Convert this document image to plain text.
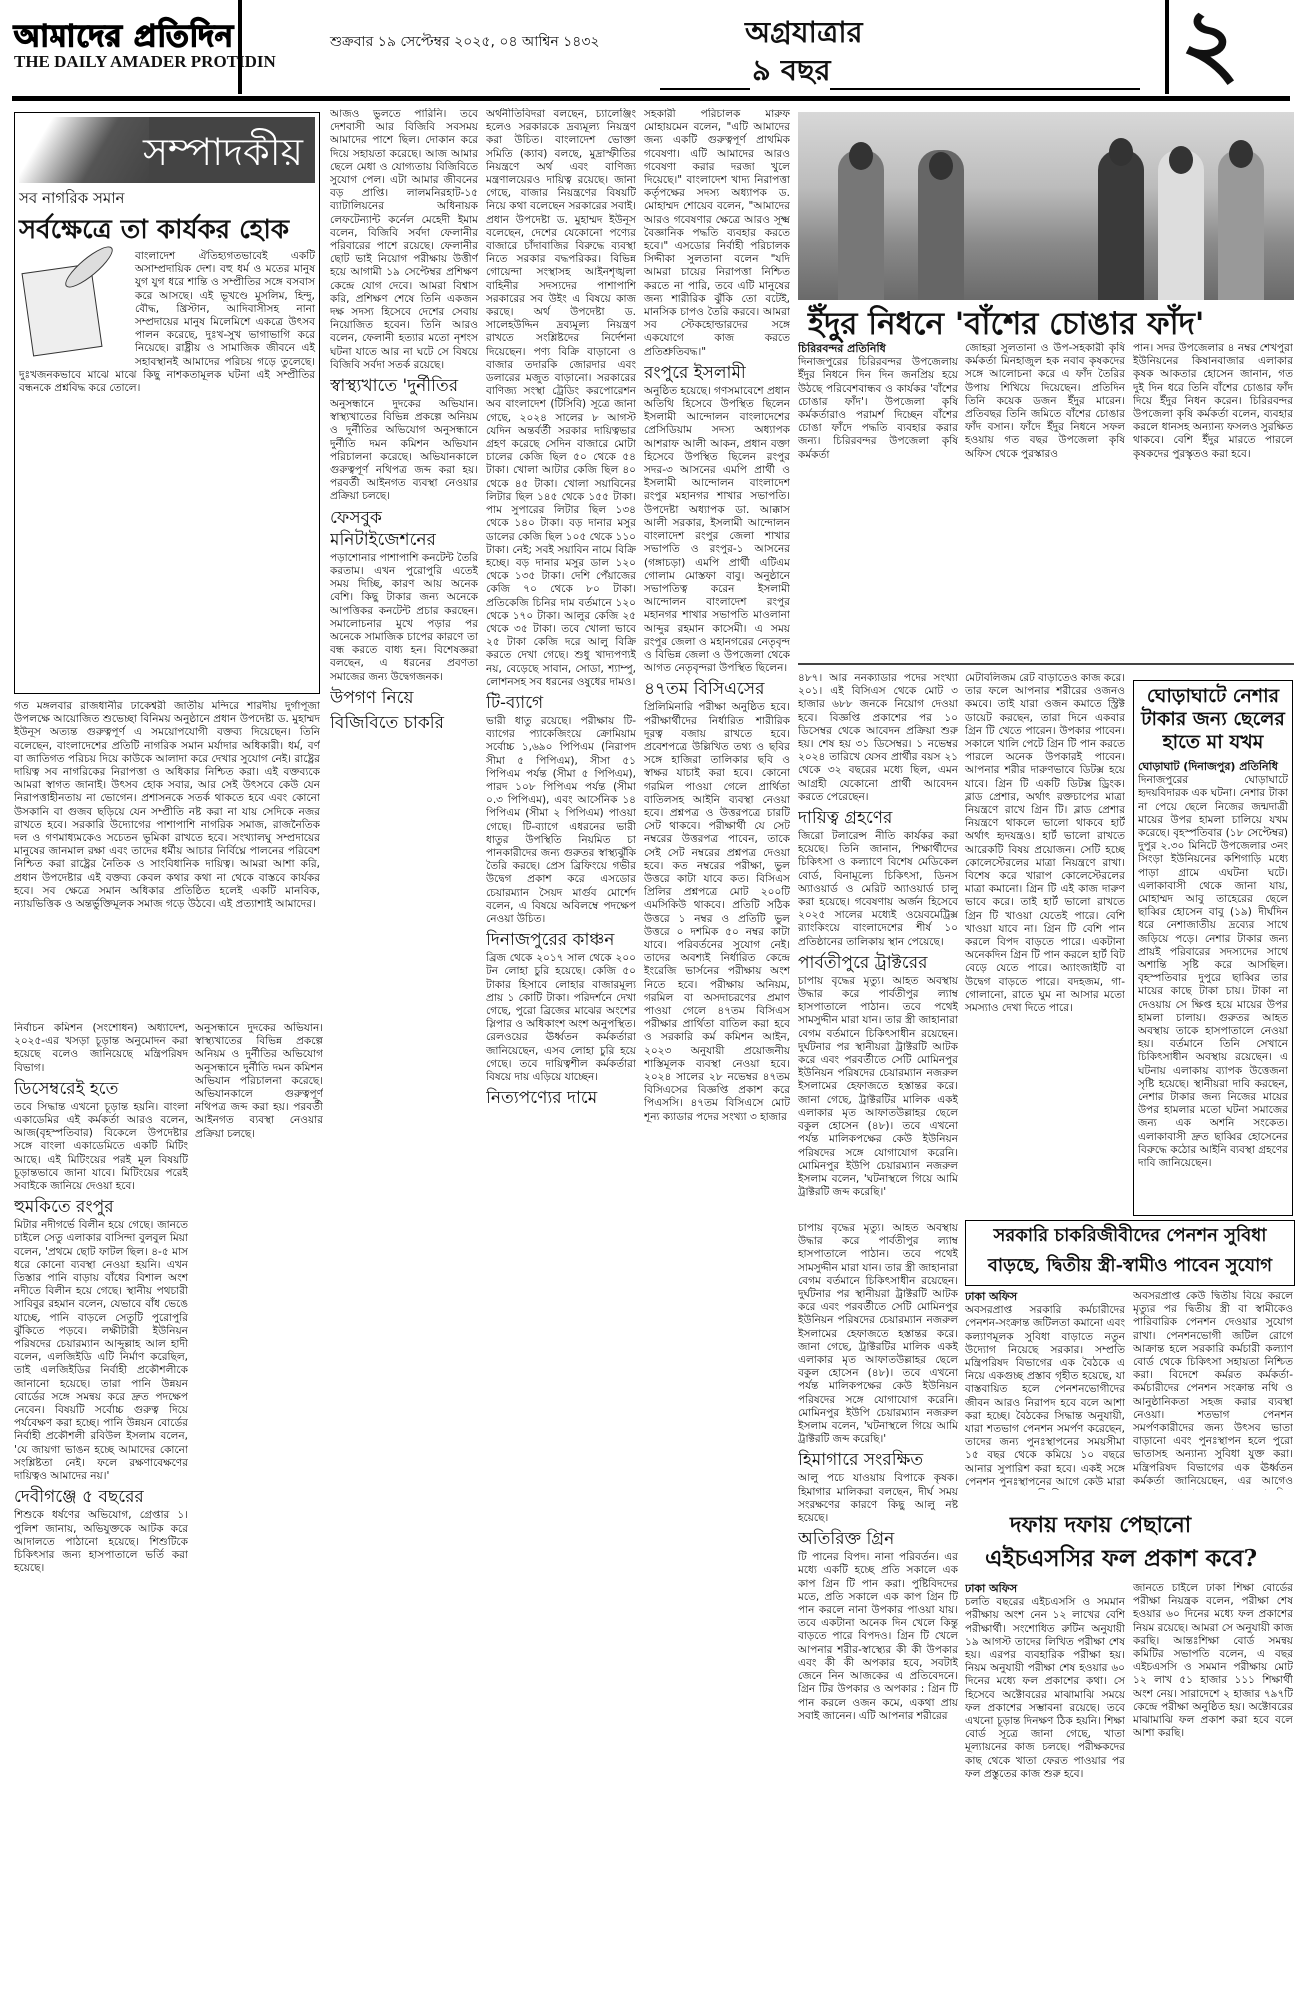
আমাদের প্রতিদিন
THE DAILY AMADER PROTIDIN
শুক্রবার ১৯ সেপ্টেম্বর ২০২৫, ০৪ আশ্বিন ১৪৩২	অগ্রযাত্রার
৯ বছর	২
সম্পাদকীয়
সব নাগরিক সমান
সর্বক্ষেত্রে তা কার্যকর হোক
বাংলাদেশ ঐতিহ্যগতভাবেই একটি অসাম্প্রদায়িক দেশ। বহু ধর্ম ও মতের মানুষ যুগ যুগ ধরে শান্তি ও সম্প্রীতির সঙ্গে বসবাস করে আসছে। এই ভূখণ্ডে মুসলিম, হিন্দু, বৌদ্ধ, খ্রিস্টান, আদিবাসীসহ নানা সম্প্রদায়ের মানুষ মিলেমিশে একত্রে উৎসব পালন করেছে, দুঃখ-সুখ ভাগাভাগি করে নিয়েছে। রাষ্ট্রীয় ও সামাজিক জীবনে এই সহাবস্থানই আমাদের পরিচয় গড়ে তুলেছে। দুঃখজনকভাবে মাঝে মাঝে কিছু নাশকতামূলক ঘটনা এই সম্প্রীতির বন্ধনকে প্রশ্নবিদ্ধ করে তোলে।

গত মঙ্গলবার রাজধানীর ঢাকেশ্বরী জাতীয় মন্দিরে শারদীয় দুর্গাপূজা উপলক্ষে আয়োজিত শুভেচ্ছা বিনিময় অনুষ্ঠানে প্রধান উপদেষ্টা ড. মুহাম্মদ ইউনূস অত্যন্ত গুরুত্বপূর্ণ এ সময়োপযোগী বক্তব্য দিয়েছেন। তিনি বলেছেন, বাংলাদেশের প্রতিটি নাগরিক সমান মর্যাদার অধিকারী। ধর্ম, বর্ণ বা জাতিগত পরিচয় দিয়ে কাউকে আলাদা করে দেখার সুযোগ নেই। রাষ্ট্রের দায়িত্ব সব নাগরিকের নিরাপত্তা ও অধিকার নিশ্চিত করা। এই বক্তব্যকে আমরা স্বাগত জানাই। উৎসব হোক সবার, আর সেই উৎসবে কেউ যেন নিরাপত্তাহীনতায় না ভোগেন। প্রশাসনকে সতর্ক থাকতে হবে এবং কোনো উসকানি বা গুজব ছড়িয়ে যেন সম্প্রীতি নষ্ট করা না যায় সেদিকে নজর রাখতে হবে। সরকারি উদ্যোগের পাশাপাশি নাগরিক সমাজ, রাজনৈতিক দল ও গণমাধ্যমকেও সচেতন ভূমিকা রাখতে হবে। সংখ্যালঘু সম্প্রদায়ের মানুষের জানমাল রক্ষা এবং তাদের ধর্মীয় আচার নির্বিঘ্নে পালনের পরিবেশ নিশ্চিত করা রাষ্ট্রের নৈতিক ও সাংবিধানিক দায়িত্ব। আমরা আশা করি, প্রধান উপদেষ্টার এই বক্তব্য কেবল কথার কথা না থেকে বাস্তবে কার্যকর হবে। সব ক্ষেত্রে সমান অধিকার প্রতিষ্ঠিত হলেই একটি মানবিক, ন্যায়ভিত্তিক ও অন্তর্ভুক্তিমূলক সমাজ গড়ে উঠবে। এই প্রত্যাশাই আমাদের।

নির্বাচন কমিশন (সংশোধন) অধ্যাদেশ, ২০২৫-এর খসড়া চূড়ান্ত অনুমোদন করা হয়েছে বলেও জানিয়েছে মন্ত্রিপরিষদ বিভাগ।

ডিসেম্বরেই হতে

তবে সিদ্ধান্ত এখনো চূড়ান্ত হয়নি। বাংলা একাডেমির এই কর্মকর্তা আরও বলেন, আজ(বৃহস্পতিবার) বিকেলে উপদেষ্টার সঙ্গে বাংলা একাডেমিতে একটি মিটিং আছে। এই মিটিংয়ের পরই মূল বিষয়টি চূড়ান্তভাবে জানা যাবে। মিটিংয়ের পরেই সবাইকে জানিয়ে দেওয়া হবে।

হুমকিতে রংপুর

মিটার নদীগর্ভে বিলীন হয়ে গেছে। জানতে চাইলে সেতু এলাকার বাসিন্দা বুলবুল মিয়া বলেন, 'প্রথমে ছোট ফাটল ছিল। ৪-৫ মাস ধরে কোনো ব্যবস্থা নেওয়া হয়নি। এখন তিস্তার পানি বাড়ায় বাঁধের বিশাল অংশ নদীতে বিলীন হয়ে গেছে। স্থানীয় পথচারী সাবিবুর রহমান বলেন, যেভাবে বাঁধ ভেঙে যাচ্ছে, পানি বাড়লে সেতুটি পুরোপুরি ঝুঁকিতে পড়বে। লক্ষীটারী ইউনিয়ন পরিষদের চেয়ারম্যান আব্দুল্লাহ আল হাদী বলেন, এলজিইডি এটি নির্মাণ করেছিল, তাই এলজিইডির নির্বাহী প্রকৌশলীকে জানানো হয়েছে। তারা পানি উন্নয়ন বোর্ডের সঙ্গে সমন্বয় করে দ্রুত পদক্ষেপ নেবেন। বিষয়টি সর্বোচ্চ গুরুত্ব দিয়ে পর্যবেক্ষণ করা হচ্ছে। পানি উন্নয়ন বোর্ডের নির্বাহী প্রকৌশলী রবিউল ইসলাম বলেন, 'যে জায়গা ভাঙন হচ্ছে আমাদের কোনো সংশ্লিষ্টতা নেই। ফলে রক্ষণাবেক্ষণের দায়িত্বও আমাদের নয়।'

দেবীগঞ্জে ৫ বছরের

শিশুকে ধর্ষণের অভিযোগ, গ্রেপ্তার ১। পুলিশ জানায়, অভিযুক্তকে আটক করে আদালতে পাঠানো হয়েছে। শিশুটিকে চিকিৎসার জন্য হাসপাতালে ভর্তি করা হয়েছে।

আজও ভুলতে পারিনি। তবে দেশবাসী আর বিজিবি সবসময় আমাদের পাশে ছিল। দোকান করে দিয়ে সহায়তা করেছে। আজ আমার ছেলে মেধা ও যোগ্যতায় বিজিবিতে সুযোগ পেল। এটা আমার জীবনের বড় প্রাপ্তি। লালমনিরহাট-১৫ ব্যাটালিয়নের অধিনায়ক লেফটেন্যান্ট কর্নেল মেহেদী ইমাম বলেন, বিজিবি সর্বদা ফেলানীর পরিবারের পাশে রয়েছে। ফেলানীর ছোট ভাই নিয়োগ পরীক্ষায় উত্তীর্ণ হয়ে আগামী ১৯ সেপ্টেম্বর প্রশিক্ষণ কেন্দ্রে যোগ দেবে। আমরা বিশ্বাস করি, প্রশিক্ষণ শেষে তিনি একজন দক্ষ সদস্য হিসেবে দেশের সেবায় নিয়োজিত হবেন। তিনি আরও বলেন, ফেলানী হত্যার মতো নৃশংস ঘটনা যাতে আর না ঘটে সে বিষয়ে বিজিবি সর্বদা সতর্ক রয়েছে।

স্বাস্থ্যখাতে 'দুর্নীতির

অনুসন্ধানে দুদকের অভিযান। স্বাস্থ্যখাতের বিভিন্ন প্রকল্পে অনিয়ম ও দুর্নীতির অভিযোগ অনুসন্ধানে দুর্নীতি দমন কমিশন অভিযান পরিচালনা করেছে। অভিযানকালে গুরুত্বপূর্ণ নথিপত্র জব্দ করা হয়। পরবর্তী আইনগত ব্যবস্থা নেওয়ার প্রক্রিয়া চলছে।

ফেসবুক মনিটাইজেশনের

পড়াশোনার পাশাপাশি কনটেন্ট তৈরি করতাম। এখন পুরোপুরি এতেই সময় দিচ্ছি, কারণ আয় অনেক বেশি। কিছু টাকার জন্য অনেকে আপত্তিকর কনটেন্ট প্রচার করছেন। সমালোচনার মুখে পড়ার পর অনেকে সামাজিক চাপের কারণে তা বন্ধ করতে বাধ্য হন। বিশেষজ্ঞরা বলছেন, এ ধরনের প্রবণতা সমাজের জন্য উদ্বেগজনক।

উপগণ নিয়ে
বিজিবিতে চাকরি

অনুসন্ধানে দুদকের অভিযান। স্বাস্থ্যখাতের বিভিন্ন প্রকল্পে অনিয়ম ও দুর্নীতির অভিযোগ অনুসন্ধানে দুর্নীতি দমন কমিশন অভিযান পরিচালনা করেছে। অভিযানকালে গুরুত্বপূর্ণ নথিপত্র জব্দ করা হয়। পরবর্তী আইনগত ব্যবস্থা নেওয়ার প্রক্রিয়া চলছে।

অর্থনীতিবিদরা বলছেন, চ্যালেঞ্জিং হলেও সরকারকে দ্রব্যমূল্য নিয়ন্ত্রণ করা উচিত। বাংলাদেশ ভোক্তা সমিতি (ক্যাব) বলছে, মুদ্রাস্ফীতির নিয়ন্ত্রণে অর্থ এবং বাণিজ্য মন্ত্রণালয়েরও দায়িত্ব রয়েছে। জানা গেছে, বাজার নিয়ন্ত্রণের বিষয়টি নিয়ে কথা বলেছেন সরকারের সবাই। প্রধান উপদেষ্টা ড. মুহাম্মদ ইউনূস বলেছেন, দেশের যেকোনো পণ্যের বাজারে চাঁদাবাজির বিরুদ্ধে ব্যবস্থা নিতে সরকার বদ্ধপরিকর। বিভিন্ন গোয়েন্দা সংস্থাসহ আইনশৃঙ্খলা বাহিনীর সদস্যদের পাশাপাশি সরকারের সব উইং এ বিষয়ে কাজ করছে। অর্থ উপদেষ্টা ড. সালেহউদ্দিন দ্রব্যমূল্য নিয়ন্ত্রণ রাখতে সংশ্লিষ্টদের নির্দেশনা দিয়েছেন। পণ্য বিক্রি বাড়ানো ও বাজার তদারকি জোরদার এবং ডলারের মজুত বাড়ানো। সরকারের বাণিজ্য সংস্থা ট্রেডিং করপোরেশন অব বাংলাদেশ (টিসিবি) সূত্রে জানা গেছে, ২০২৪ সালের ৮ আগস্ট যেদিন অন্তর্বর্তী সরকার দায়িত্বভার গ্রহণ করেছে সেদিন বাজারে মোটা চালের কেজি ছিল ৫০ থেকে ৫৪ টাকা। খোলা আটার কেজি ছিল ৪০ থেকে ৪৫ টাকা। খোলা সয়াবিনের লিটার ছিল ১৪৫ থেকে ১৫৫ টাকা। পাম সুপারের লিটার ছিল ১৩৪ থেকে ১৪০ টাকা। বড় দানার মসুর ডালের কেজি ছিল ১০৫ থেকে ১১০ টাকা। নেই; সবই সয়াবিন নামে বিক্রি হচ্ছে। বড় দানার মসুর ডাল ১২০ থেকে ১৩৫ টাকা। দেশি পেঁয়াজের কেজি ৭০ থেকে ৮০ টাকা। প্রতিকেজি চিনির দাম বর্তমানে ১২০ থেকে ১৭০ টাকা। আলুর কেজি ২৫ থেকে ৩৫ টাকা। তবে খোলা ভাবে ২৫ টাকা কেজি দরে আলু বিক্রি করতে দেখা গেছে। শুধু খাদ্যপণ্যই নয়, বেড়েছে সাবান, সোডা, শ্যাম্পু, লোশনসহ সব ধরনের ওষুধের দামও।

টি-ব্যাগে

ভারী ধাতু রয়েছে। পরীক্ষায় টি-ব্যাগের প্যাকেজিংয়ে ক্রোমিয়াম সর্বোচ্চ ১,৬৯০ পিপিএম (নিরাপদ সীমা ৫ পিপিএম), সীসা ৫১ পিপিএম পর্যন্ত (সীমা ৫ পিপিএম), পারদ ১০৮ পিপিএম পর্যন্ত (সীমা ০.৩ পিপিএম), এবং আর্সেনিক ১৪ পিপিএম (সীমা ২ পিপিএম) পাওয়া গেছে। টি-ব্যাগে এধরনের ভারী ধাতুর উপস্থিতি নিয়মিত চা পানকারীদের জন্য গুরুতর স্বাস্থ্যঝুঁকি তৈরি করছে। প্রেস ব্রিফিংয়ে গভীর উদ্বেগ প্রকাশ করে এসডোর চেয়ারম্যান সৈয়দ মার্গুব মোর্শেদ বলেন, এ বিষয়ে অবিলম্বে পদক্ষেপ নেওয়া উচিত।

দিনাজপুরের কাঞ্চন

ব্রিজ থেকে ২০১৭ সাল থেকে ২০০ টন লোহা চুরি হয়েছে। কেজি ৫০ টাকার হিসাবে লোহার বাজারমূল্য প্রায় ১ কোটি টাকা। পরিদর্শনে দেখা গেছে, পুরো ব্রিজের মাঝের অংশের স্লিপার ও অধিকাংশ অংশ অনুপস্থিত। রেলওয়ের ঊর্ধ্বতন কর্মকর্তারা জানিয়েছেন, এসব লোহা চুরি হয়ে গেছে। তবে দায়িত্বশীল কর্মকর্তারা বিষয়ে দায় এড়িয়ে যাচ্ছেন।

নিত্যপণ্যের দামে

সহকারী পরিচালক মারুফ মোহায়মেন বলেন, "এটি আমাদের জন্য একটি গুরুত্বপূর্ণ প্রাথমিক গবেষণা। এটি আমাদের আরও গবেষণা করার দরজা খুলে দিয়েছে।" বাংলাদেশ খাদ্য নিরাপত্তা কর্তৃপক্ষের সদস্য অধ্যাপক ড. মোহাম্মদ শোয়েব বলেন, "আমাদের আরও গবেষণার ক্ষেত্রে আরও সূক্ষ্ম বৈজ্ঞানিক পদ্ধতি ব্যবহার করতে হবে।" এসডোর নির্বাহী পরিচালক সিদ্দীকা সুলতানা বলেন "যদি আমরা চায়ের নিরাপত্তা নিশ্চিত করতে না পারি, তবে এটি মানুষের জন্য শারীরিক ঝুঁকি তো বটেই, মানসিক চাপও তৈরি করবে। আমরা সব স্টেকহোল্ডারদের সঙ্গে একযোগে কাজ করতে প্রতিশ্রুতিবদ্ধ।"

রংপুরে ইসলামী

অনুষ্ঠিত হয়েছে। গণসমাবেশে প্রধান অতিথি হিসেবে উপস্থিত ছিলেন ইসলামী আন্দোলন বাংলাদেশের প্রেসিডিয়াম সদস্য অধ্যাপক আশরাফ আলী আকন, প্রধান বক্তা হিসেবে উপস্থিত ছিলেন রংপুর সদর-৩ আসনের এমপি প্রার্থী ও ইসলামী আন্দোলন বাংলাদেশ রংপুর মহানগর শাখার সভাপতি। উপদেষ্টা অধ্যাপক ডা. আক্কাস আলী সরকার, ইসলামী আন্দোলন বাংলাদেশ রংপুর জেলা শাখার সভাপতি ও রংপুর-১ আসনের (গঙ্গাচড়া) এমপি প্রার্থী এটিএম গোলাম মোস্তফা বাবু। অনুষ্ঠানে সভাপতিত্ব করেন ইসলামী আন্দোলন বাংলাদেশ রংপুর মহানগর শাখার সভাপতি মাওলানা আব্দুর রহমান কাসেমী। এ সময় রংপুর জেলা ও মহানগরের নেতৃবৃন্দ ও বিভিন্ন জেলা ও উপজেলা থেকে আগত নেতৃবৃন্দরা উপস্থিত ছিলেন।

৪৭তম বিসিএসের

প্রিলিমিনারি পরীক্ষা অনুষ্ঠিত হবে। পরীক্ষার্থীদের নির্ধারিত শারীরিক দূরত্ব বজায় রাখতে হবে। প্রবেশপত্রে উল্লিখিত তথ্য ও ছবির সঙ্গে হাজিরা তালিকার ছবি ও স্বাক্ষর যাচাই করা হবে। কোনো গরমিল পাওয়া গেলে প্রার্থিতা বাতিলসহ আইনি ব্যবস্থা নেওয়া হবে। প্রশ্নপত্র ও উত্তরপত্রে চারটি সেট থাকবে। পরীক্ষার্থী যে সেট নম্বরের উত্তরপত্র পাবেন, তাকে সেই সেট নম্বরের প্রশ্নপত্র দেওয়া হবে। কত নম্বরের পরীক্ষা, ভুল উত্তরে কাটা যাবে কত। বিসিএস প্রিলির প্রশ্নপত্রে মোট ২০০টি এমসিকিউ থাকবে। প্রতিটি সঠিক উত্তরে ১ নম্বর ও প্রতিটি ভুল উত্তরে ০ দশমিক ৫০ নম্বর কাটা যাবে। পরিবর্তনের সুযোগ নেই। তাদের অবশ্যই নির্ধারিত কেন্দ্রে ইংরেজি ভার্সনের পরীক্ষায় অংশ নিতে হবে। পরীক্ষায় অনিয়ম, গরমিল বা অসদাচরণের প্রমাণ পাওয়া গেলে ৪৭তম বিসিএস পরীক্ষার প্রার্থিতা বাতিল করা হবে ও সরকারি কর্ম কমিশন আইন, ২০২৩ অনুযায়ী প্রয়োজনীয় শাস্তিমূলক ব্যবস্থা নেওয়া হবে। ২০২৪ সালের ২৮ নভেম্বর ৪৭তম বিসিএসের বিজ্ঞপ্তি প্রকাশ করে পিএসসি। ৪৭তম বিসিএসে মোট শূন্য ক্যাডার পদের সংখ্যা ৩ হাজার

ইঁদুর নিধনে 'বাঁশের চোঙার ফাঁদ'

চিরিরবন্দর প্রতিনিধি

দিনাজপুরের চিরিরবন্দর উপজেলায় ইঁদুর নিধনে দিন দিন জনপ্রিয় হয়ে উঠছে পরিবেশবান্ধব ও কার্যকর 'বাঁশের চোঙার ফাঁদ'। উপজেলা কৃষি কর্মকর্তারাও পরামর্শ দিচ্ছেন বাঁশের চোঙা ফাঁদে পদ্ধতি ব্যবহার করার জন্য। চিরিরবন্দর উপজেলা কৃষি কর্মকর্তা

জোহরা সুলতানা ও উপ-সহকারী কৃষি কর্মকর্তা মিনহাজুল হক নবাব কৃষকদের সঙ্গে আলোচনা করে এ ফাঁদ তৈরির উপায় শিখিয়ে দিয়েছেন। প্রতিদিন তিনি কয়েক ডজন ইঁদুর মারেন। প্রতিবছর তিনি জমিতে বাঁশের চোঙার ফাঁদ বসান। ফাঁদে ইঁদুর নিধনে সফল হওয়ায় গত বছর উপজেলা কৃষি অফিস থেকে পুরস্কারও

পান। সদর উপজেলার ৪ নম্বর শেখপুরা ইউনিয়নের কিষানবাজার এলাকার কৃষক আকতার হোসেন জানান, গত দুই দিন ধরে তিনি বাঁশের চোঙার ফাঁদ দিয়ে ইঁদুর নিধন করেন। চিরিরবন্দর উপজেলা কৃষি কর্মকর্তা বলেন, ব্যবহার করলে ধানসহ অন্যান্য ফসলও সুরক্ষিত থাকবে। বেশি ইঁদুর মারতে পারলে কৃষকদের পুরস্কৃতও করা হবে।

৪৮৭। আর ননক্যাডার পদের সংখ্যা ২০১। এই বিসিএস থেকে মোট ৩ হাজার ৬৮৮ জনকে নিয়োগ দেওয়া হবে। বিজ্ঞপ্তি প্রকাশের পর ১০ ডিসেম্বর থেকে আবেদন প্রক্রিয়া শুরু হয়। শেষ হয় ৩১ ডিসেম্বর। ১ নভেম্বর ২০২৪ তারিখে যেসব প্রার্থীর বয়স ২১ থেকে ৩২ বছরের মধ্যে ছিল, এমন আগ্রহী যেকোনো প্রার্থী আবেদন করতে পেরেছেন।

দায়িত্ব গ্রহণের

জিরো টলারেন্স নীতি কার্যকর করা হয়েছে। তিনি জানান, শিক্ষার্থীদের চিকিৎসা ও কল্যাণে বিশেষ মেডিকেল বোর্ড, বিনামূল্যে চিকিৎসা, ডিনস অ্যাওয়ার্ড ও মেরিট অ্যাওয়ার্ড চালু করা হয়েছে। গবেষণায় অর্জন হিসেবে ২০২৫ সালের মধ্যেই ওয়েবমেট্রিক্স র‌্যাংকিংয়ে বাংলাদেশের শীর্ষ ১০ প্রতিষ্ঠানের তালিকায় স্থান পেয়েছে।

পার্বতীপুরে ট্রাক্টরের

চাপায় বৃদ্ধের মৃত্যু। আহত অবস্থায় উদ্ধার করে পার্বতীপুর ল্যাম্ব হাসপাতালে পাঠান। তবে পথেই সামসুদ্দীন মারা যান। তার স্ত্রী জাহানারা বেগম বর্তমানে চিকিৎসাধীন রয়েছেন। দুর্ঘটনার পর স্থানীয়রা ট্রাক্টরটি আটক করে এবং পরবর্তীতে সেটি মোমিনপুর ইউনিয়ন পরিষদের চেয়ারম্যান নজরুল ইসলামের হেফাজতে হস্তান্তর করে। জানা গেছে, ট্রাক্টরটির মালিক একই এলাকার মৃত আফাতউল্লাহর ছেলে বকুল হোসেন (৪৮)। তবে এখনো পর্যন্ত মালিকপক্ষের কেউ ইউনিয়ন পরিষদের সঙ্গে যোগাযোগ করেনি। মোমিনপুর ইউপি চেয়ারম্যান নজরুল ইসলাম বলেন, 'ঘটনাস্থলে গিয়ে আমি ট্রাক্টরটি জব্দ করেছি।'

মেটাবলিজম রেট বাড়াতেও কাজ করে। তার ফলে আপনার শরীরের ওজনও কমবে। তাই যারা ওজন কমাতে স্ট্রিক্ট ডায়েট করছেন, তারা দিনে একবার গ্রিন টি খেতে পারেন। উপকার পাবেন। সকালে খালি পেটে গ্রিন টি পান করতে পারলে অনেক উপকারই পাবেন। আপনার শরীর দারুণভাবে ডিটক্স হয়ে যাবে। গ্রিন টি একটি ডিটক্স ড্রিংক। ব্লাড প্রেশার, অর্থাৎ রক্তচাপের মাত্রা নিয়ন্ত্রণে রাখে গ্রিন টি। ব্লাড প্রেশার নিয়ন্ত্রণে থাকলে ভালো থাকবে হার্ট অর্থাৎ হৃদযন্ত্রও। হার্ট ভালো রাখতে আরেকটি বিষয় প্রয়োজন। সেটি হচ্ছে কোলেস্টেরলের মাত্রা নিয়ন্ত্রণে রাখা। বিশেষ করে খারাপ কোলেস্টেরলের মাত্রা কমানো। গ্রিন টি এই কাজ দারুণ ভাবে করে। তাই হার্ট ভালো রাখতে গ্রিন টি খাওয়া যেতেই পারে। বেশি খাওয়া যাবে না। গ্রিন টি বেশি পান করলে বিপদ বাড়তে পারে। একটানা অনেকদিন গ্রিন টি পান করলে হার্ট বিট বেড়ে যেতে পারে। অ্যাংজাইটি বা উদ্বেগ বাড়তে পারে। বদহজম, গা-গোলানো, রাতে ঘুম না আসার মতো সমস্যাও দেখা দিতে পারে।

ঘোড়াঘাটে নেশার টাকার জন্য ছেলের হাতে মা যখম

ঘোড়াঘাট (দিনাজপুর) প্রতিনিধি

দিনাজপুরের ঘোড়াঘাটে হৃদয়বিদারক এক ঘটনা। নেশার টাকা না পেয়ে ছেলে নিজের জন্মদাত্রী মায়ের উপর হামলা চালিয়ে যখম করেছে। বৃহস্পতিবার (১৮ সেপ্টেম্বর) দুপুর ২.৩০ মিনিটে উপজেলার ৩নং সিংড়া ইউনিয়নের কশিগাড়ি মধ্যে পাড়া গ্রামে এঘটনা ঘটে। এলাকাবাসী থেকে জানা যায়, মোহাম্মদ আবু তাহেরের ছেলে ছাব্বির হোসেন বাবু (১৯) দীর্ঘদিন ধরে নেশাজাতীয় দ্রব্যের সাথে জড়িয়ে পড়ে। নেশার টাকার জন্য প্রায়ই পরিবারের সদস্যদের সাথে অশান্তি সৃষ্টি করে আসছিল। বৃহস্পতিবার দুপুরে ছাব্বির তার মায়ের কাছে টাকা চায়। টাকা না দেওয়ায় সে ক্ষিপ্ত হয়ে মায়ের উপর হামলা চালায়। গুরুতর আহত অবস্থায় তাকে হাসপাতালে নেওয়া হয়। বর্তমানে তিনি সেখানে চিকিৎসাধীন অবস্থায় রয়েছেন। এ ঘটনায় এলাকায় ব্যাপক উত্তেজনা সৃষ্টি হয়েছে। স্থানীয়রা দাবি করছেন, নেশার টাকার জন্য নিজের মায়ের উপর হামলার মতো ঘটনা সমাজের জন্য এক অশনি সংকেত। এলাকাবাসী দ্রুত ছাব্বির হোসেনের বিরুদ্ধে কঠোর আইনি ব্যবস্থা গ্রহণের দাবি জানিয়েছেন।

সরকারি চাকরিজীবীদের পেনশন সুবিধা
বাড়ছে, দ্বিতীয় স্ত্রী-স্বামীও পাবেন সুযোগ

ঢাকা অফিস

অবসরপ্রাপ্ত সরকারি কর্মচারীদের পেনশন-সংক্রান্ত জটিলতা কমানো এবং কল্যাণমূলক সুবিধা বাড়াতে নতুন উদ্যোগ নিয়েছে সরকার। সম্প্রতি মন্ত্রিপরিষদ বিভাগের এক বৈঠকে এ নিয়ে একগুচ্ছ প্রস্তাব গৃহীত হয়েছে, যা বাস্তবায়িত হলে পেনশনভোগীদের জীবন আরও নিরাপদ হবে বলে আশা করা হচ্ছে। বৈঠকের সিদ্ধান্ত অনুযায়ী, যারা শতভাগ পেনশন সমর্পণ করেছেন, তাদের জন্য পুনঃস্থাপনের সময়সীমা ১৫ বছর থেকে কমিয়ে ১০ বছরে আনার সুপারিশ করা হবে। একই সঙ্গে পেনশন পুনঃস্থাপনের আগে কেউ মারা

অবসরপ্রাপ্ত কেউ দ্বিতীয় বিয়ে করলে মৃত্যুর পর দ্বিতীয় স্ত্রী বা স্বামীকেও পারিবারিক পেনশন দেওয়ার সুযোগ রাখা। পেনশনভোগী জটিল রোগে আক্রান্ত হলে সরকারি কর্মচারী কল্যাণ বোর্ড থেকে চিকিৎসা সহায়তা নিশ্চিত করা। বিদেশে কর্মরত কর্মকর্তা-কর্মচারীদের পেনশন সংক্রান্ত নথি ও আনুষ্ঠানিকতা সহজ করার ব্যবস্থা নেওয়া। শতভাগ পেনশন সমর্পণকারীদের জন্য উৎসব ভাতা বাড়ানো এবং পুনঃস্থাপন হলে পুরো ভাতাসহ অন্যান্য সুবিধা যুক্ত করা। মন্ত্রিপরিষদ বিভাগের এক ঊর্ধ্বতন কর্মকর্তা জানিয়েছেন, এর আগেও

চাপায় বৃদ্ধের মৃত্যু। আহত অবস্থায় উদ্ধার করে পার্বতীপুর ল্যাম্ব হাসপাতালে পাঠান। তবে পথেই সামসুদ্দীন মারা যান। তার স্ত্রী জাহানারা বেগম বর্তমানে চিকিৎসাধীন রয়েছেন। দুর্ঘটনার পর স্থানীয়রা ট্রাক্টরটি আটক করে এবং পরবর্তীতে সেটি মোমিনপুর ইউনিয়ন পরিষদের চেয়ারম্যান নজরুল ইসলামের হেফাজতে হস্তান্তর করে। জানা গেছে, ট্রাক্টরটির মালিক একই এলাকার মৃত আফাতউল্লাহর ছেলে বকুল হোসেন (৪৮)। তবে এখনো পর্যন্ত মালিকপক্ষের কেউ ইউনিয়ন পরিষদের সঙ্গে যোগাযোগ করেনি। মোমিনপুর ইউপি চেয়ারম্যান নজরুল ইসলাম বলেন, 'ঘটনাস্থলে গিয়ে আমি ট্রাক্টরটি জব্দ করেছি।'

হিমাগারে সংরক্ষিত

আলু পচে যাওয়ায় বিপাকে কৃষক। হিমাগার মালিকরা বলছেন, দীর্ঘ সময় সংরক্ষণের কারণে কিছু আলু নষ্ট হয়েছে।

অতিরিক্ত গ্রিন

টি পানের বিপদ। নানা পরিবর্তন। এর মধ্যে একটি হচ্ছে প্রতি সকালে এক কাপ গ্রিন টি পান করা। পুষ্টিবিদদের মতে, প্রতি সকালে এক কাপ গ্রিন টি পান করলে নানা উপকার পাওয়া যায়। তবে একটানা অনেক দিন খেলে কিন্তু বাড়তে পারে বিপদও। গ্রিন টি খেলে আপনার শরীর-স্বাস্থ্যের কী কী উপকার এবং কী কী অপকার হবে, সবটাই জেনে নিন আজকের এ প্রতিবেদনে। গ্রিন টির উপকার ও অপকার : গ্রিন টি পান করলে ওজন কমে, একথা প্রায় সবাই জানেন। এটি আপনার শরীরের

দফায় দফায় পেছানো
এইচএসসির ফল প্রকাশ কবে?

ঢাকা অফিস

চলতি বছরের এইচএসসি ও সমমান পরীক্ষায় অংশ নেন ১২ লাখের বেশি পরীক্ষার্থী। সংশোধিত রুটিন অনুযায়ী ১৯ আগস্ট তাদের লিখিত পরীক্ষা শেষ হয়। এরপর ব্যবহারিক পরীক্ষা হয়। নিয়ম অনুযায়ী পরীক্ষা শেষ হওয়ার ৬০ দিনের মধ্যে ফল প্রকাশের কথা। সে হিসেবে অক্টোবরের মাঝামাঝি সময়ে ফল প্রকাশের সম্ভাবনা রয়েছে। তবে এখনো চূড়ান্ত দিনক্ষণ ঠিক হয়নি। শিক্ষা বোর্ড সূত্রে জানা গেছে, খাতা মূল্যায়নের কাজ চলছে। পরীক্ষকদের কাছ থেকে খাতা ফেরত পাওয়ার পর ফল প্রস্তুতের কাজ শুরু হবে।

জানতে চাইলে ঢাকা শিক্ষা বোর্ডের পরীক্ষা নিয়ন্ত্রক বলেন, পরীক্ষা শেষ হওয়ার ৬০ দিনের মধ্যে ফল প্রকাশের নিয়ম রয়েছে। আমরা সে অনুযায়ী কাজ করছি। আন্তঃশিক্ষা বোর্ড সমন্বয় কমিটির সভাপতি বলেন, এ বছর এইচএসসি ও সমমান পরীক্ষায় মোট ১২ লাখ ৫১ হাজার ১১১ শিক্ষার্থী অংশ নেয়। সারাদেশে ২ হাজার ৭৯৭টি কেন্দ্রে পরীক্ষা অনুষ্ঠিত হয়। অক্টোবরের মাঝামাঝি ফল প্রকাশ করা হবে বলে আশা করছি।
